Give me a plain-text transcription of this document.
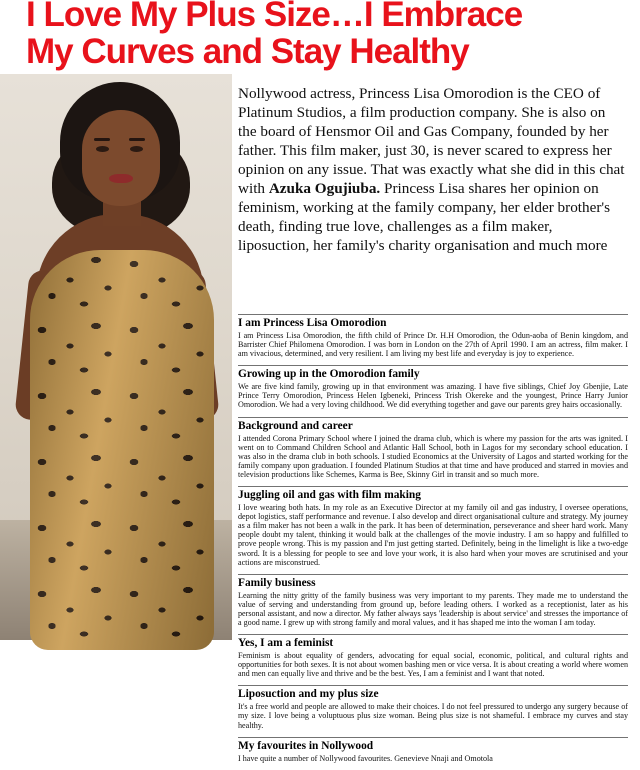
I Love My Plus Size…I Embrace
My Curves and Stay Healthy
Nollywood actress, Princess Lisa Omorodion is the CEO of Platinum Studios, a film production company. She is also on the board of Hensmor Oil and Gas Company, founded by her father. This film maker, just 30, is never scared to express her opinion on any issue. That was exactly what she did in this chat with Azuka Ogujiuba. Princess Lisa shares her opinion on feminism, working at the family company, her elder brother's death, finding true love, challenges as a film maker, liposuction, her family's charity organisation and much more
I am Princess Lisa Omorodion
I am Princess Lisa Omorodion, the fifth child of Prince Dr. H.H Omorodion, the Odun-aoba of Benin kingdom, and Barrister Chief Philomena Omorodion. I was born in London on the 27th of April 1990. I am an actress, film maker. I am vivacious, determined, and very resilient. I am living my best life and everyday is joy to experience.
Growing up in the Omorodion family
We are five kind family, growing up in that environment was amazing. I have five siblings, Chief Joy Gbenjie, Late Prince Terry Omorodion, Princess Helen Igbeneki, Princess Trish Okereke and the youngest, Prince Harry Junior Omorodion. We had a very loving childhood. We did everything together and gave our parents grey hairs occasionally.
Background and career
I attended Corona Primary School where I joined the drama club, which is where my passion for the arts was ignited. I went on to Command Children School and Atlantic Hall School, both in Lagos for my secondary school education. I was also in the drama club in both schools. I studied Economics at the University of Lagos and started working for the family company upon graduation. I founded Platinum Studios at that time and have produced and starred in movies and television productions like Schemes, Karma is Bee, Skinny Girl in transit and so much more.
Juggling oil and gas with film making
I love wearing both hats. In my role as an Executive Director at my family oil and gas industry, I oversee operations, depot logistics, staff performance and revenue. I also develop and direct organisational culture and strategy. My journey as a film maker has not been a walk in the park. It has been of determination, perseverance and sheer hard work. Many people doubt my talent, thinking it would balk at the challenges of the movie industry. I am so happy and fulfilled to prove people wrong. This is my passion and I'm just getting started. Definitely, being in the limelight is like a two-edge sword. It is a blessing for people to see and love your work, it is also hard when your moves are scrutinised and your actions are misconstrued.
Family business
Learning the nitty gritty of the family business was very important to my parents. They made me to understand the value of serving and understanding from ground up, before leading others. I worked as a receptionist, later as his personal assistant, and now a director. My father always says 'leadership is about service' and stresses the importance of a good name. I grew up with strong family and moral values, and it has shaped me into the woman I am today.
Yes, I am a feminist
Feminism is about equality of genders, advocating for equal social, economic, political, and cultural rights and opportunities for both sexes. It is not about women bashing men or vice versa. It is about creating a world where women and men can equally live and thrive and be the best. Yes, I am a feminist and I want that noted.
Liposuction and my plus size
It's a free world and people are allowed to make their choices. I do not feel pressured to undergo any surgery because of my size. I love being a voluptuous plus size woman. Being plus size is not shameful. I embrace my curves and stay healthy.
My favourites in Nollywood
I have quite a number of Nollywood favourites. Genevieve Nnaji and Omotola
